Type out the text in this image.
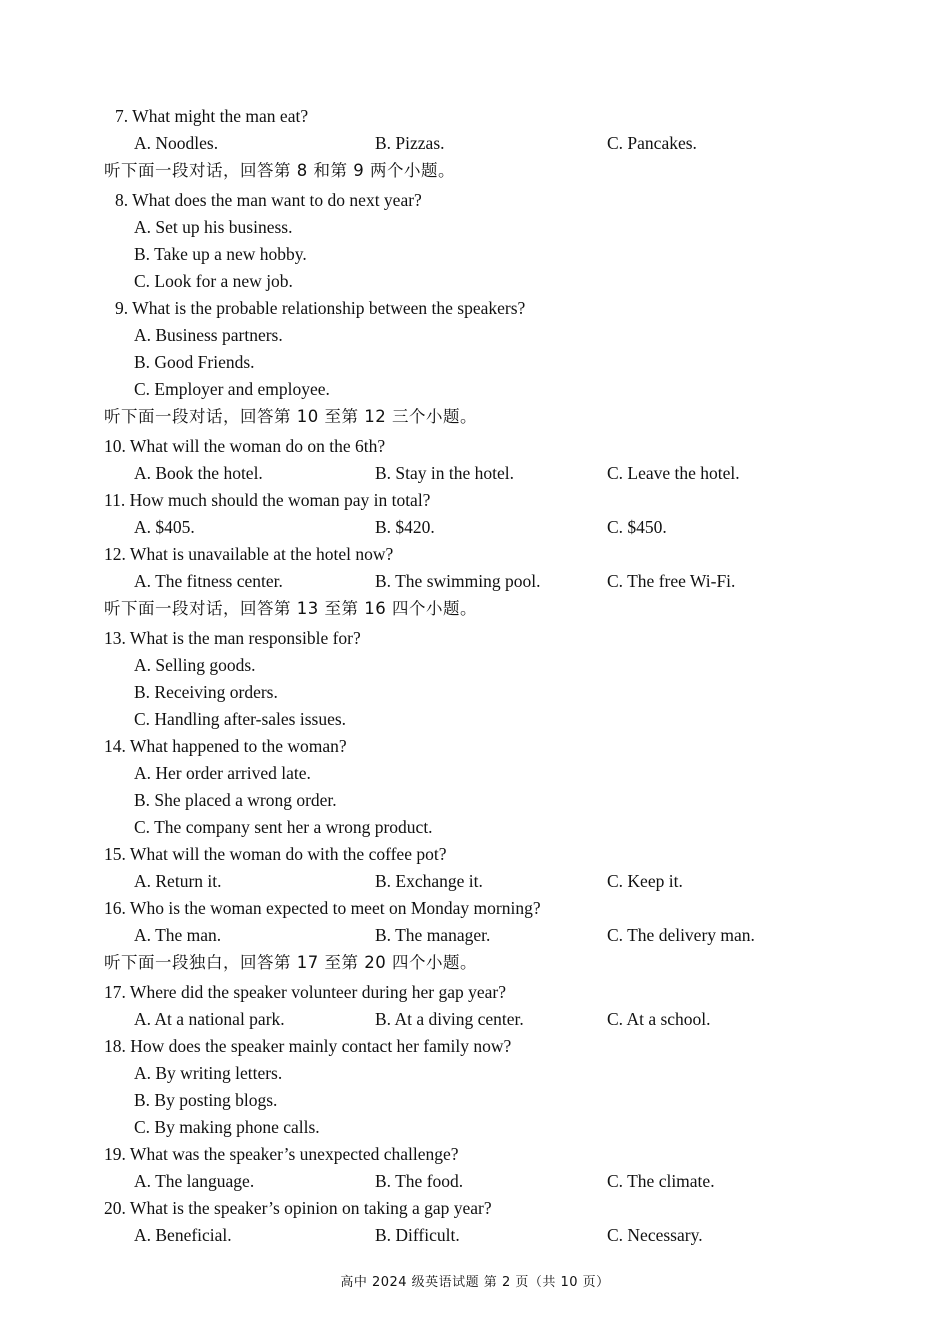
7. What might the man eat?
A. Noodles.	B. Pizzas.	C. Pancakes.
听下面一段对话，回答第 8 和第 9 两个小题。
8. What does the man want to do next year?
A. Set up his business.
B. Take up a new hobby.
C. Look for a new job.
9. What is the probable relationship between the speakers?
A. Business partners.
B. Good Friends.
C. Employer and employee.
听下面一段对话，回答第 10 至第 12 三个小题。
10. What will the woman do on the 6th?
A. Book the hotel.	B. Stay in the hotel.	C. Leave the hotel.
11. How much should the woman pay in total?
A. $405.	B. $420.	C. $450.
12. What is unavailable at the hotel now?
A. The fitness center.	B. The swimming pool.	C. The free Wi-Fi.
听下面一段对话，回答第 13 至第 16 四个小题。
13. What is the man responsible for?
A. Selling goods.
B. Receiving orders.
C. Handling after-sales issues.
14. What happened to the woman?
A. Her order arrived late.
B. She placed a wrong order.
C. The company sent her a wrong product.
15. What will the woman do with the coffee pot?
A. Return it.	B. Exchange it.	C. Keep it.
16. Who is the woman expected to meet on Monday morning?
A. The man.	B. The manager.	C. The delivery man.
听下面一段独白，回答第 17 至第 20 四个小题。
17. Where did the speaker volunteer during her gap year?
A. At a national park.	B. At a diving center.	C. At a school.
18. How does the speaker mainly contact her family now?
A. By writing letters.
B. By posting blogs.
C. By making phone calls.
19. What was the speaker’s unexpected challenge?
A. The language.	B. The food.	C. The climate.
20. What is the speaker’s opinion on taking a gap year?
A. Beneficial.	B. Difficult.	C. Necessary.
高中 2024 级英语试题 第 2 页（共 10 页）
